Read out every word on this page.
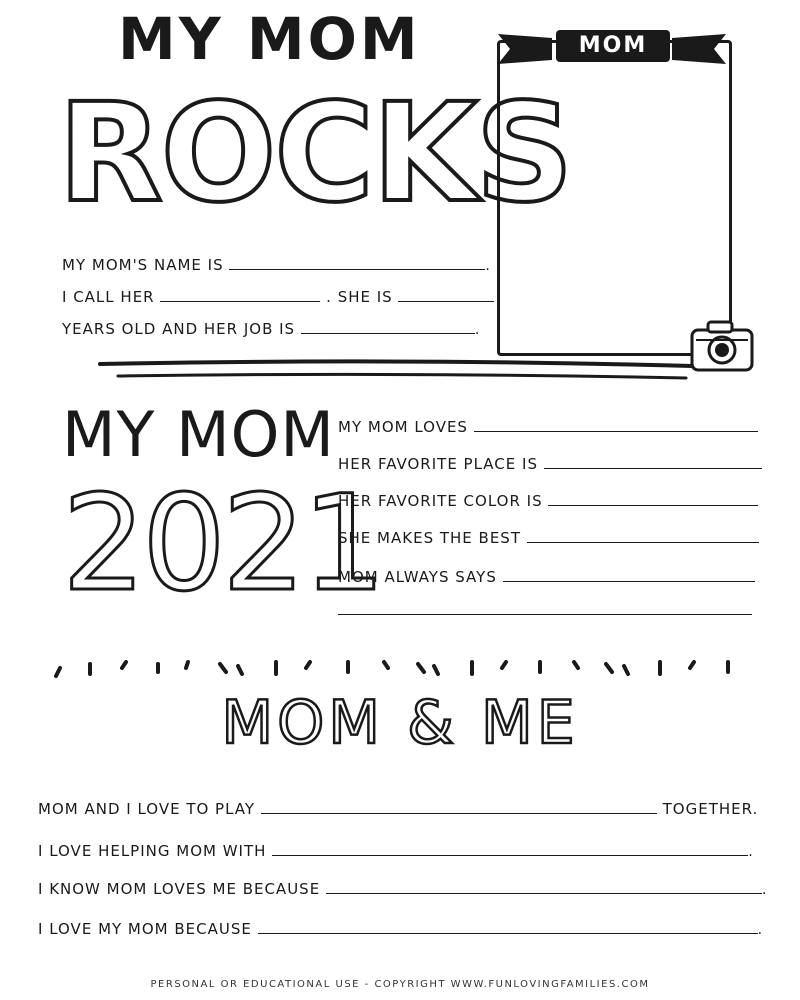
MY MOM
ROCKS
MY MOM'S NAME IS	.
I CALL HER	. SHE IS
YEARS OLD AND HER JOB IS	.
MOM
MY MOM
2021
MY MOM LOVES
HER FAVORITE PLACE IS
HER FAVORITE COLOR IS
SHE MAKES THE BEST
MOM ALWAYS SAYS
MOM & ME
MOM AND I LOVE TO PLAY	TOGETHER.
I LOVE HELPING MOM WITH	.
I KNOW MOM LOVES ME BECAUSE	.
I LOVE MY MOM BECAUSE	.
PERSONAL OR EDUCATIONAL USE - COPYRIGHT WWW.FUNLOVINGFAMILIES.COM
